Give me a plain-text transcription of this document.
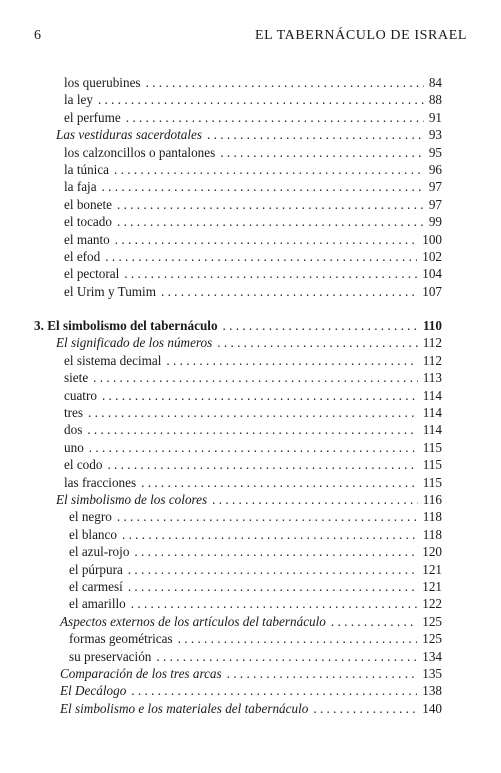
6	EL TABERNÁCULO DE ISRAEL
los querubines . . .	84
la ley . . .	88
el perfume . . .	91
Las vestiduras sacerdotales . . .	93
los calzoncillos o pantalones . . .	95
la túnica . . .	96
la faja . . .	97
el bonete . . .	97
el tocado . . .	99
el manto . . .	100
el efod . . .	102
el pectoral . . .	104
el Urim y Tumim . . .	107
3. El simbolismo del tabernáculo . . .	110
El significado de los números . . .	112
el sistema decimal . . .	112
siete . . .	113
cuatro . . .	114
tres . . .	114
dos . . .	114
uno . . .	115
el codo . . .	115
las fracciones . . .	115
El simbolismo de los colores . . .	116
el negro . . .	118
el blanco . . .	118
el azul-rojo . . .	120
el púrpura . . .	121
el carmesí . . .	121
el amarillo . . .	122
Aspectos externos de los artículos del tabernáculo . . .	125
formas geométricas . . .	125
su preservación . . .	134
Comparación de los tres arcas . . .	135
El Decálogo . . .	138
El simbolismo e los materiales del tabernáculo . . .	140
